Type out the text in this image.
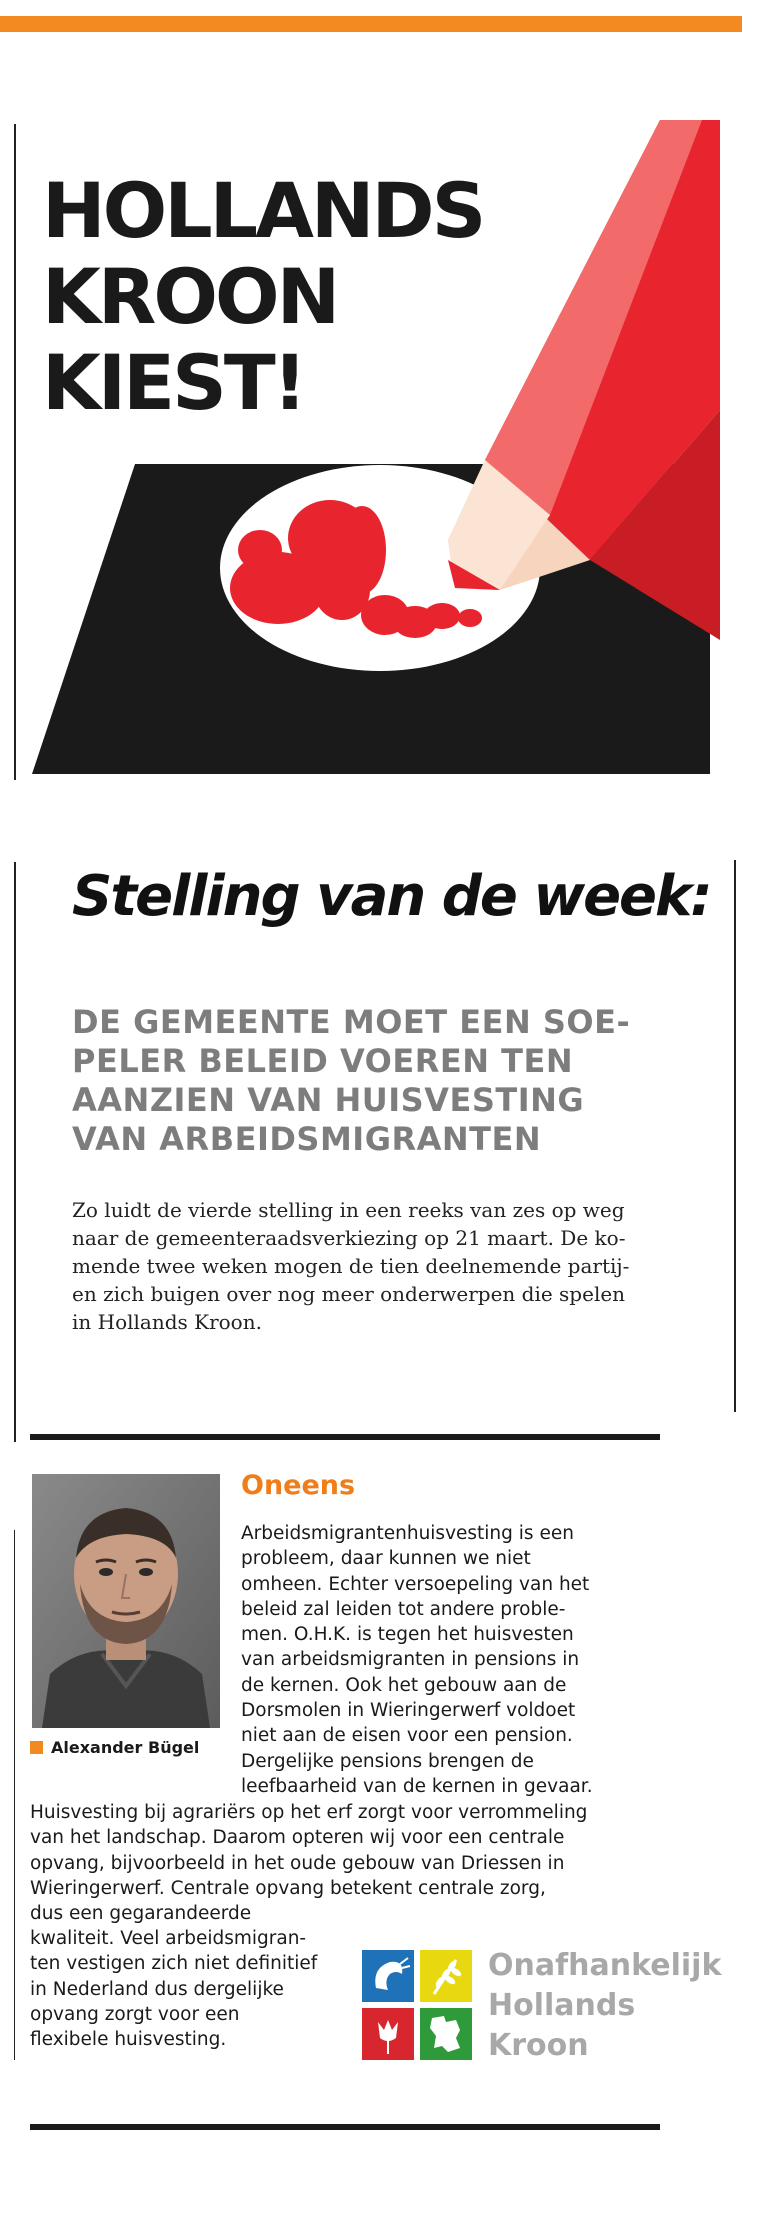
HOLLANDS
KROON
KIEST!
Stelling van de week:
DE GEMEENTE MOET EEN SOE-
PELER BELEID VOEREN TEN
AANZIEN VAN HUISVESTING
VAN ARBEIDSMIGRANTEN
Zo luidt de vierde stelling in een reeks van zes op weg
naar de gemeenteraadsverkiezing op 21 maart. De ko-
mende twee weken mogen de tien deelnemende partij-
en zich buigen over nog meer onderwerpen die spelen
in Hollands Kroon.
Alexander Bügel
Oneens
Arbeidsmigrantenhuisvesting is een
probleem, daar kunnen we niet
omheen. Echter versoepeling van het
beleid zal leiden tot andere proble-
men. O.H.K. is tegen het huisvesten
van arbeidsmigranten in pensions in
de kernen. Ook het gebouw aan de
Dorsmolen in Wieringerwerf voldoet
niet aan de eisen voor een pension.
Dergelijke pensions brengen de
leefbaarheid van de kernen in gevaar.
Huisvesting bij agrariërs op het erf zorgt voor verrommeling
van het landschap. Daarom opteren wij voor een centrale
opvang, bijvoorbeeld in het oude gebouw van Driessen in
Wieringerwerf. Centrale opvang betekent centrale zorg,
dus een gegarandeerde
kwaliteit. Veel arbeidsmigran-
ten vestigen zich niet definitief
in Nederland dus dergelijke
opvang zorgt voor een
flexibele huisvesting.
Onafhankelijk
Hollands
Kroon
